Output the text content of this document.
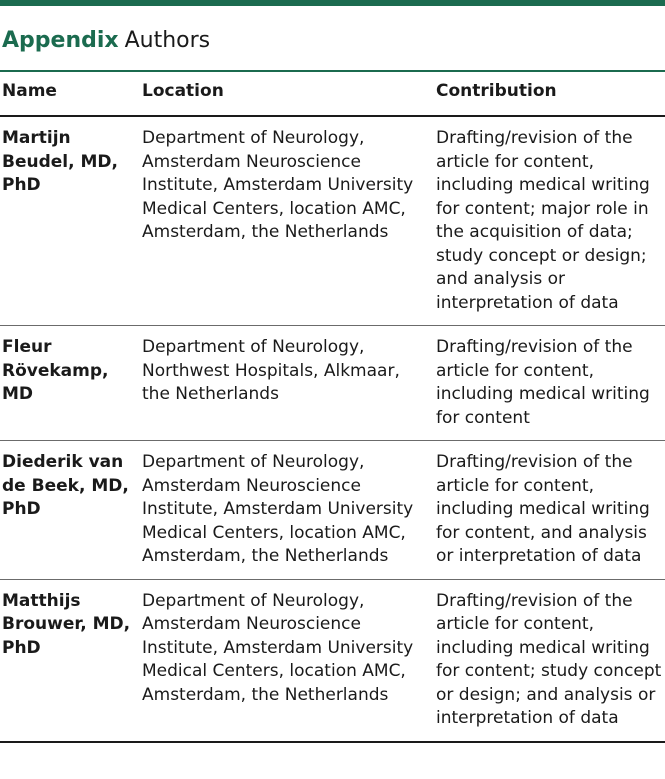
Appendix Authors
Name	Location	Contribution
Martijn Beudel, MD, PhD	Department of Neurology, Amsterdam Neuroscience Institute, Amsterdam University Medical Centers, location AMC, Amsterdam, the Netherlands	Drafting/revision of the article for content, including medical writing for content; major role in the acquisition of data; study concept or design; and analysis or interpretation of data
Fleur Rövekamp, MD	Department of Neurology, Northwest Hospitals, Alkmaar, the Netherlands	Drafting/revision of the article for content, including medical writing for content
Diederik van de Beek, MD, PhD	Department of Neurology, Amsterdam Neuroscience Institute, Amsterdam University Medical Centers, location AMC, Amsterdam, the Netherlands	Drafting/revision of the article for content, including medical writing for content, and analysis or interpretation of data
Matthijs Brouwer, MD, PhD	Department of Neurology, Amsterdam Neuroscience Institute, Amsterdam University Medical Centers, location AMC, Amsterdam, the Netherlands	Drafting/revision of the article for content, including medical writing for content; study concept or design; and analysis or interpretation of data
